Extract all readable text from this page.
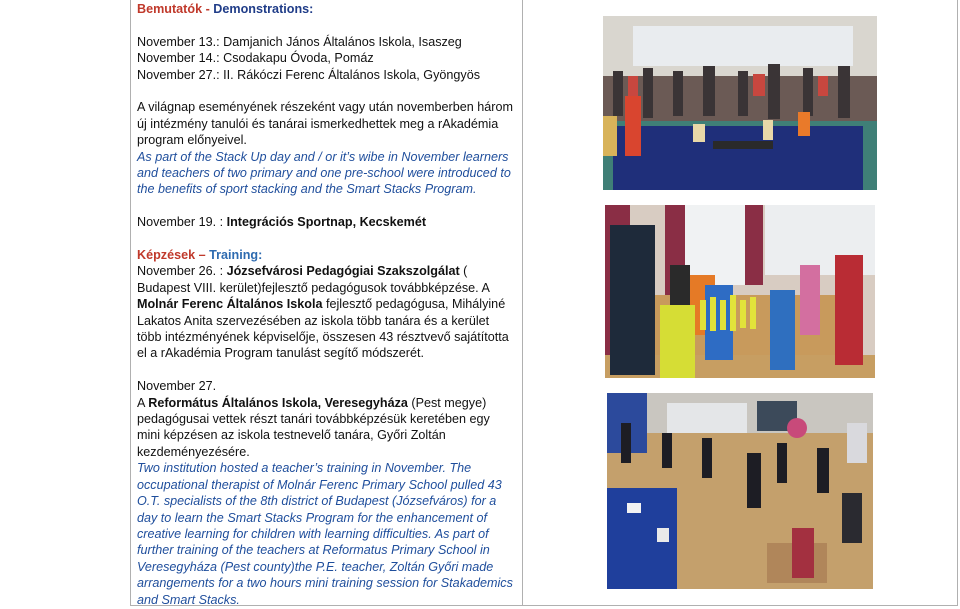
Bemutatók - Demonstrations:

November 13.: Damjanich János Általános Iskola, Isaszeg

November 14.: Csodakapu Óvoda, Pomáz

November 27.: II. Rákóczi Ferenc Általános Iskola, Gyöngyös

A világnap eseményének részeként vagy után novemberben három új intézmény tanulói és tanárai ismerkedhettek meg a rAkadémia program előnyeivel.

As part of the Stack Up day and / or it’s wibe in November learners and teachers of two primary and one pre-school were introduced to the benefits of sport stacking and the Smart Stacks Program.

November 19. : Integrációs Sportnap, Kecskemét

Képzések – Training:

November 26. : Józsefvárosi Pedagógiai Szakszolgálat ( Budapest VIII. kerület)fejlesztő pedagógusok továbbképzése. A Molnár Ferenc Általános Iskola fejlesztő pedagógusa, Mihályiné Lakatos Anita szervezésében az iskola több tanára és a kerület több intézményének képviselője, összesen 43 résztvevő sajátította el a rAkadémia Program tanulást segítő módszerét.

November 27.

A Református Általános Iskola, Veresegyháza (Pest megye) pedagógusai vettek részt tanári továbbképzésük keretében egy mini képzésen az iskola testnevelő tanára, Győri Zoltán kezdeményezésére.

Two institution hosted a teacher’s training in November. The occupational therapist of Molnár Ferenc Primary School pulled 43 O.T. specialists of the 8th district of Budapest (Józsefváros) for a day to learn the Smart Stacks Program for the enhancement of creative learning for children with learning difficulties. As part of further training of the teachers at Reformatus Primary School in Veresegyháza (Pest county)the P.E. teacher, Zoltán Győri made arrangements for a two hours mini training session for Stakademics and Smart Stacks.
